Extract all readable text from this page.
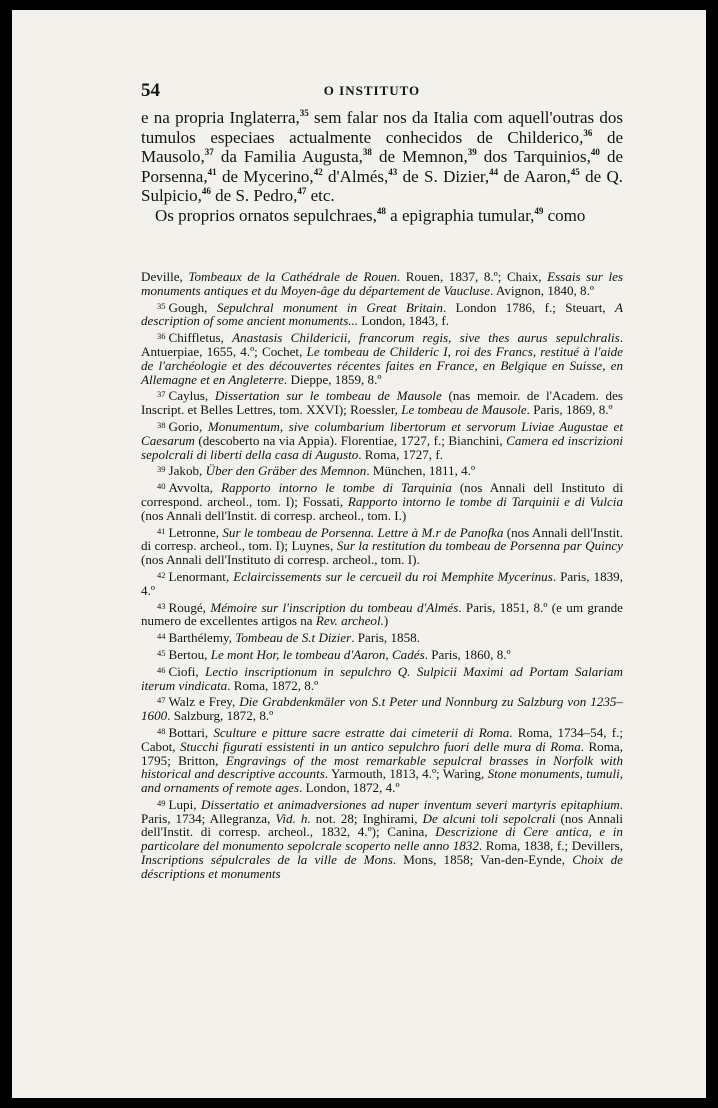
54	O INSTITUTO

e na propria Inglaterra,$^{35}$ sem falar nos da Italia com aquell'outras dos tumulos especiaes actualmente conhecidos de Childerico,$^{36}$ de Mausolo,$^{37}$ da Familia Augusta,$^{38}$ de Memnon,$^{39}$ dos Tarquinios,$^{40}$ de Porsenna,$^{41}$ de Mycerino,$^{42}$ d'Almés,$^{43}$ de S. Dizier,$^{44}$ de Aaron,$^{45}$ de Q. Sulpicio,$^{46}$ de S. Pedro,$^{47}$ etc.

Os proprios ornatos sepulchraes,$^{48}$ a epigraphia tumular,$^{49}$ como

Deville, Tombeaux de la Cathédrale de Rouen. Rouen, 1837, 8.º; Chaix, Essais sur les monuments antiques et du Moyen-âge du département de Vaucluse. Avignon, 1840, 8.º

$^{35}$ Gough, Sepulchral monument in Great Britain. London 1786, f.; Steuart, A description of some ancient monuments... London, 1843, f.

$^{36}$ Chiffletus, Anastasis Childericii, francorum regis, sive thes aurus sepulchralis. Antuerpiae, 1655, 4.º; Cochet, Le tombeau de Childeric I, roi des Francs, restitué à l'aide de l'archéologie et des découvertes récentes faites en France, en Belgique en Suisse, en Allemagne et en Angleterre. Dieppe, 1859, 8.º

$^{37}$ Caylus, Dissertation sur le tombeau de Mausole (nas memoir. de l'Academ. des Inscript. et Belles Lettres, tom. XXVI); Roessler, Le tombeau de Mausole. Paris, 1869, 8.º

$^{38}$ Gorio, Monumentum, sive columbarium libertorum et servorum Liviae Augustae et Caesarum (descoberto na via Appia). Florentiae, 1727, f.; Bianchini, Camera ed inscrizioni sepolcrali di liberti della casa di Augusto. Roma, 1727, f.

$^{39}$ Jakob, Über den Gräber des Memnon. München, 1811, 4.º

$^{40}$ Avvolta, Rapporto intorno le tombe di Tarquinia (nos Annali dell Instituto di correspond. archeol., tom. I); Fossati, Rapporto intorno le tombe di Tarquinii e di Vulcia (nos Annali dell'Instit. di corresp. archeol., tom. I.)

$^{41}$ Letronne, Sur le tombeau de Porsenna. Lettre à M.r de Panofka (nos Annali dell'Instit. di corresp. archeol., tom. I); Luynes, Sur la restitution du tombeau de Porsenna par Quincy (nos Annali dell'Instituto di corresp. archeol., tom. I).

$^{42}$ Lenormant, Eclaircissements sur le cercueil du roi Memphite Mycerinus. Paris, 1839, 4.º

$^{43}$ Rougé, Mémoire sur l'inscription du tombeau d'Almés. Paris, 1851, 8.º (e um grande numero de excellentes artigos na Rev. archeol.)

$^{44}$ Barthélemy, Tombeau de S.t Dizier. Paris, 1858.

$^{45}$ Bertou, Le mont Hor, le tombeau d'Aaron, Cadés. Paris, 1860, 8.º

$^{46}$ Ciofi, Lectio inscriptionum in sepulchro Q. Sulpicii Maximi ad Portam Salariam iterum vindicata. Roma, 1872, 8.º

$^{47}$ Walz e Frey, Die Grabdenkmäler von S.t Peter und Nonnburg zu Salzburg von 1235–1600. Salzburg, 1872, 8.º

$^{48}$ Bottari, Sculture e pitture sacre estratte dai cimeterii di Roma. Roma, 1734–54, f.; Cabot, Stucchi figurati essistenti in un antico sepulchro fuori delle mura di Roma. Roma, 1795; Britton, Engravings of the most remarkable sepulcral brasses in Norfolk with historical and descriptive accounts. Yarmouth, 1813, 4.º; Waring, Stone monuments, tumuli, and ornaments of remote ages. London, 1872, 4.º

$^{49}$ Lupi, Dissertatio et animadversiones ad nuper inventum severi martyris epitaphium. Paris, 1734; Allegranza, Vid. h. not. 28; Inghirami, De alcuni toli sepolcrali (nos Annali dell'Instit. di corresp. archeol., 1832, 4.º); Canina, Descrizione di Cere antica, e in particolare del monumento sepolcrale scoperto nelle anno 1832. Roma, 1838, f.; Devillers, Inscriptions sépulcrales de la ville de Mons. Mons, 1858; Van-den-Eynde, Choix de déscriptions et monuments
